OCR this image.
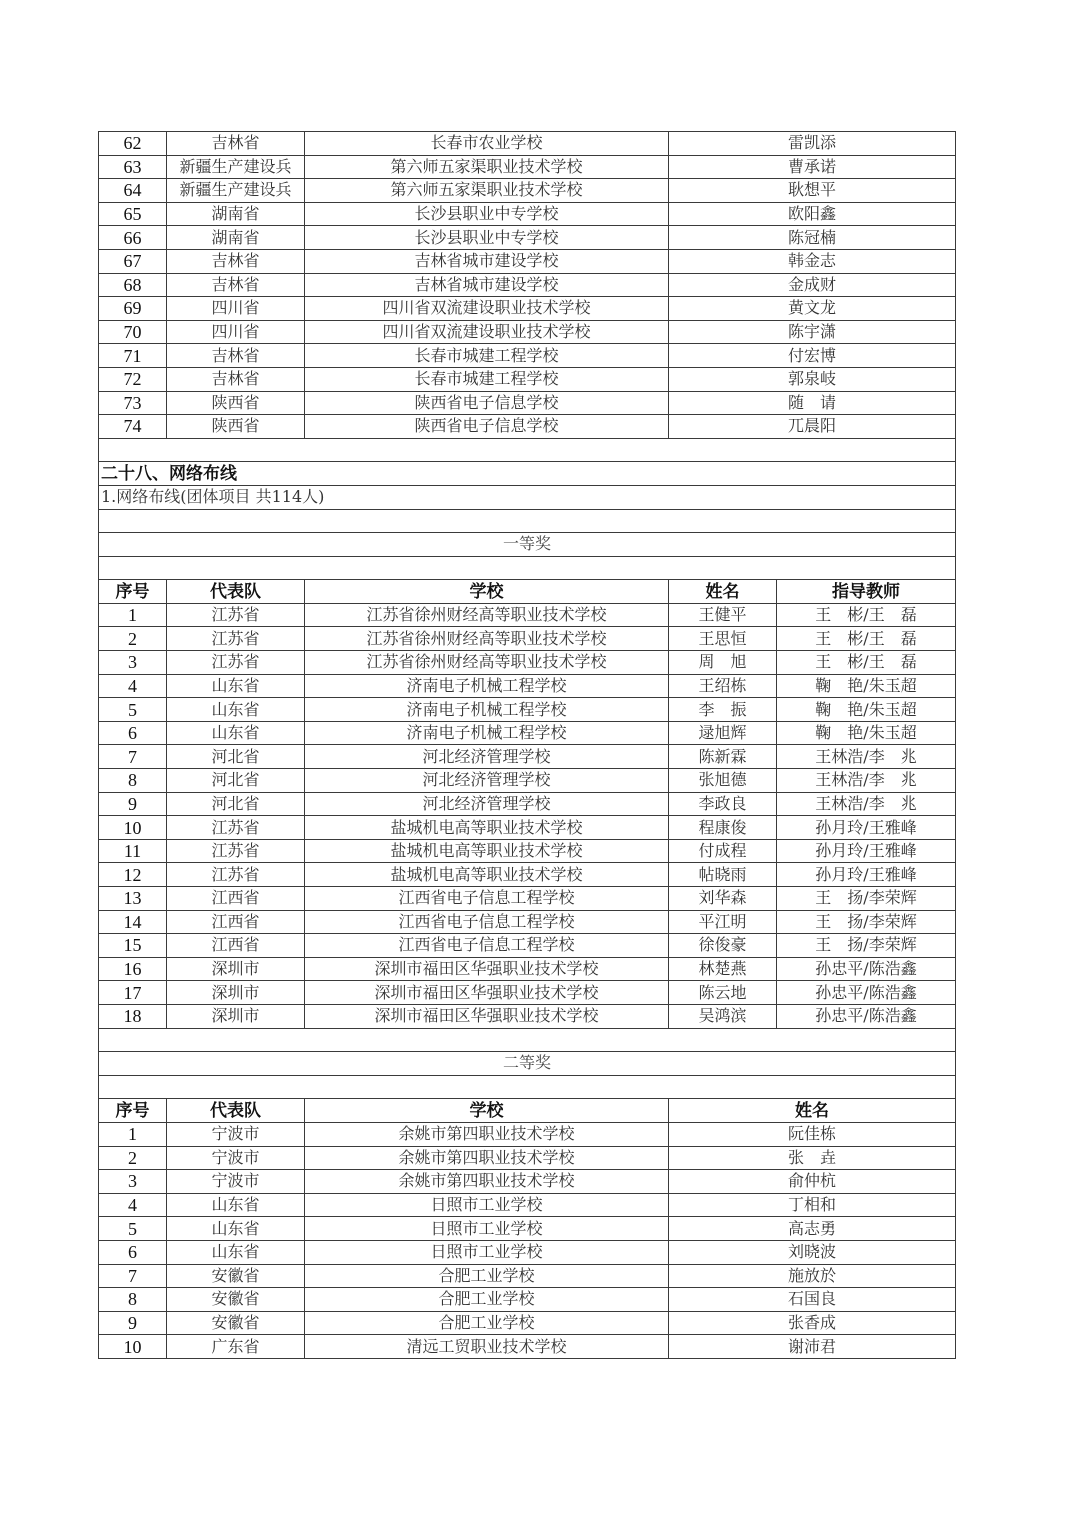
62	吉林省	长春市农业学校	雷凯添	
63	新疆生产建设兵	第六师五家渠职业技术学校	曹承诺	
64	新疆生产建设兵	第六师五家渠职业技术学校	耿想平	
65	湖南省	长沙县职业中专学校	欧阳鑫	
66	湖南省	长沙县职业中专学校	陈冠楠	
67	吉林省	吉林省城市建设学校	韩金志	
68	吉林省	吉林省城市建设学校	金成财	
69	四川省	四川省双流建设职业技术学校	黄文龙	
70	四川省	四川省双流建设职业技术学校	陈宇潇	
71	吉林省	长春市城建工程学校	付宏博	
72	吉林省	长春市城建工程学校	郭泉岐	
73	陕西省	陕西省电子信息学校	随　请	
74	陕西省	陕西省电子信息学校	兀晨阳	

二十八、网络布线				
1.网络布线(团体项目 共114人)				

一等奖				

序号	代表队	学校	姓名	指导教师
1	江苏省	江苏省徐州财经高等职业技术学校	王健平	王　彬/王　磊
2	江苏省	江苏省徐州财经高等职业技术学校	王思恒	王　彬/王　磊
3	江苏省	江苏省徐州财经高等职业技术学校	周　旭	王　彬/王　磊
4	山东省	济南电子机械工程学校	王绍栋	鞠　艳/朱玉超
5	山东省	济南电子机械工程学校	李　振	鞠　艳/朱玉超
6	山东省	济南电子机械工程学校	逯旭辉	鞠　艳/朱玉超
7	河北省	河北经济管理学校	陈新霖	王林浩/李　兆
8	河北省	河北经济管理学校	张旭德	王林浩/李　兆
9	河北省	河北经济管理学校	李政良	王林浩/李　兆
10	江苏省	盐城机电高等职业技术学校	程康俊	孙月玲/王雅峰
11	江苏省	盐城机电高等职业技术学校	付成程	孙月玲/王雅峰
12	江苏省	盐城机电高等职业技术学校	帖晓雨	孙月玲/王雅峰
13	江西省	江西省电子信息工程学校	刘华森	王　扬/李荣辉
14	江西省	江西省电子信息工程学校	平江明	王　扬/李荣辉
15	江西省	江西省电子信息工程学校	徐俊豪	王　扬/李荣辉
16	深圳市	深圳市福田区华强职业技术学校	林楚燕	孙忠平/陈浩鑫
17	深圳市	深圳市福田区华强职业技术学校	陈云地	孙忠平/陈浩鑫
18	深圳市	深圳市福田区华强职业技术学校	吴鸿滨	孙忠平/陈浩鑫

二等奖				

序号	代表队	学校	姓名	
1	宁波市	余姚市第四职业技术学校	阮佳栋	
2	宁波市	余姚市第四职业技术学校	张　垚	
3	宁波市	余姚市第四职业技术学校	俞仲杭	
4	山东省	日照市工业学校	丁相和	
5	山东省	日照市工业学校	高志勇	
6	山东省	日照市工业学校	刘晓波	
7	安徽省	合肥工业学校	施放於	
8	安徽省	合肥工业学校	石国良	
9	安徽省	合肥工业学校	张香成	
10	广东省	清远工贸职业技术学校	谢沛君	
